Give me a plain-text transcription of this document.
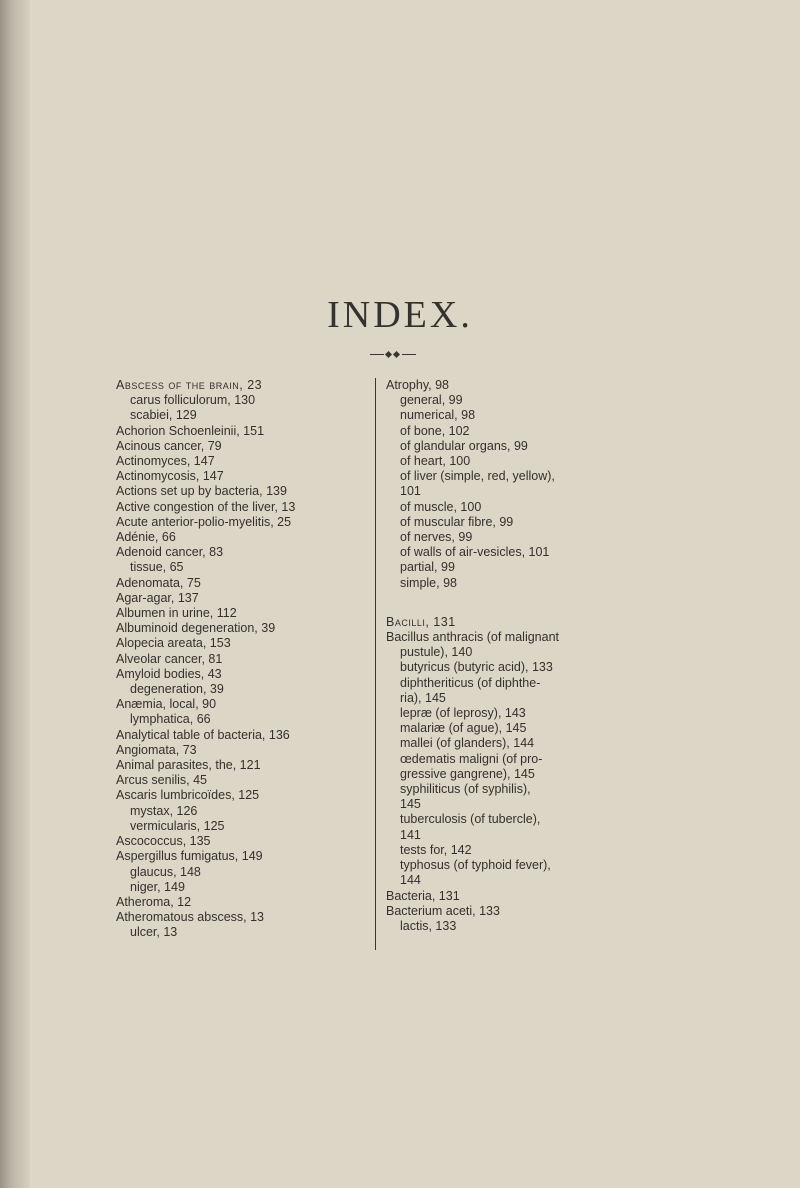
INDEX.
Abscess of the brain, 23
carus folliculorum, 130
scabiei, 129
Achorion Schoenleinii, 151
Acinous cancer, 79
Actinomyces, 147
Actinomycosis, 147
Actions set up by bacteria, 139
Active congestion of the liver, 13
Acute anterior-polio-myelitis, 25
Adénie, 66
Adenoid cancer, 83
tissue, 65
Adenomata, 75
Agar-agar, 137
Albumen in urine, 112
Albuminoid degeneration, 39
Alopecia areata, 153
Alveolar cancer, 81
Amyloid bodies, 43
degeneration, 39
Anæmia, local, 90
lymphatica, 66
Analytical table of bacteria, 136
Angiomata, 73
Animal parasites, the, 121
Arcus senilis, 45
Ascaris lumbricoïdes, 125
mystax, 126
vermicularis, 125
Ascococcus, 135
Aspergillus fumigatus, 149
glaucus, 148
niger, 149
Atheroma, 12
Atheromatous abscess, 13
ulcer, 13
Atrophy, 98
general, 99
numerical, 98
of bone, 102
of glandular organs, 99
of heart, 100
of liver (simple, red, yellow),
101
of muscle, 100
of muscular fibre, 99
of nerves, 99
of walls of air-vesicles, 101
partial, 99
simple, 98
Bacilli, 131
Bacillus anthracis (of malignant
pustule), 140
butyricus (butyric acid), 133
diphtheriticus (of diphthe-
ria), 145
lepræ (of leprosy), 143
malariæ (of ague), 145
mallei (of glanders), 144
œdematis maligni (of pro-
gressive gangrene), 145
syphiliticus (of syphilis),
145
tuberculosis (of tubercle),
141
tests for, 142
typhosus (of typhoid fever),
144
Bacteria, 131
Bacterium aceti, 133
lactis, 133
